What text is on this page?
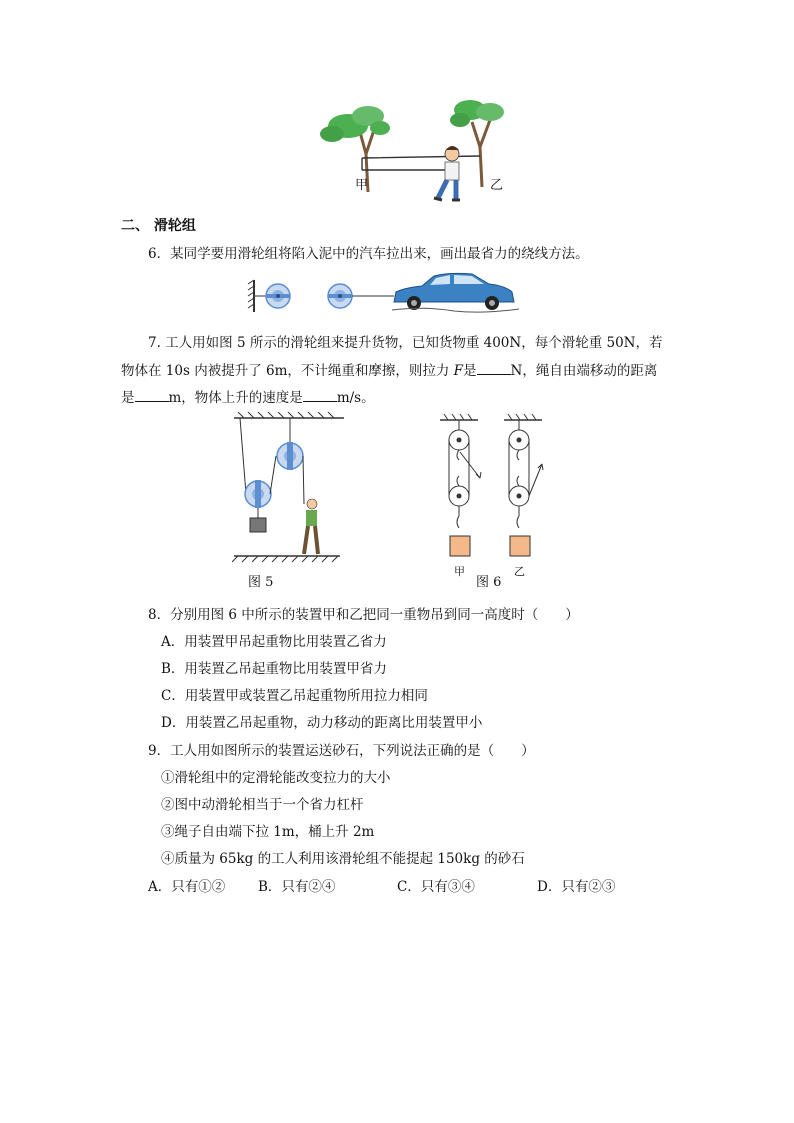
甲	乙
二、 滑轮组
6．某同学要用滑轮组将陷入泥中的汽车拉出来，画出最省力的绕线方法。
7. 工人用如图 5 所示的滑轮组来提升货物，已知货物重 400N，每个滑轮重 50N，若
物体在 10s 内被提升了 6m，不计绳重和摩擦，则拉力 F是	N，绳自由端移动的距离
是	m，物体上升的速度是	m/s。
图 5
甲	乙
图 6
8．分别用图 6 中所示的装置甲和乙把同一重物吊到同一高度时（　　）
A．用装置甲吊起重物比用装置乙省力
B．用装置乙吊起重物比用装置甲省力
C．用装置甲或装置乙吊起重物所用拉力相同
D．用装置乙吊起重物，动力移动的距离比用装置甲小
9．工人用如图所示的装置运送砂石，下列说法正确的是（　　）
①滑轮组中的定滑轮能改变拉力的大小
②图中动滑轮相当于一个省力杠杆
③绳子自由端下拉 1m，桶上升 2m
④质量为 65kg 的工人利用该滑轮组不能提起 150kg 的砂石
A．只有①② B．只有②④	C．只有③④	D．只有②③
